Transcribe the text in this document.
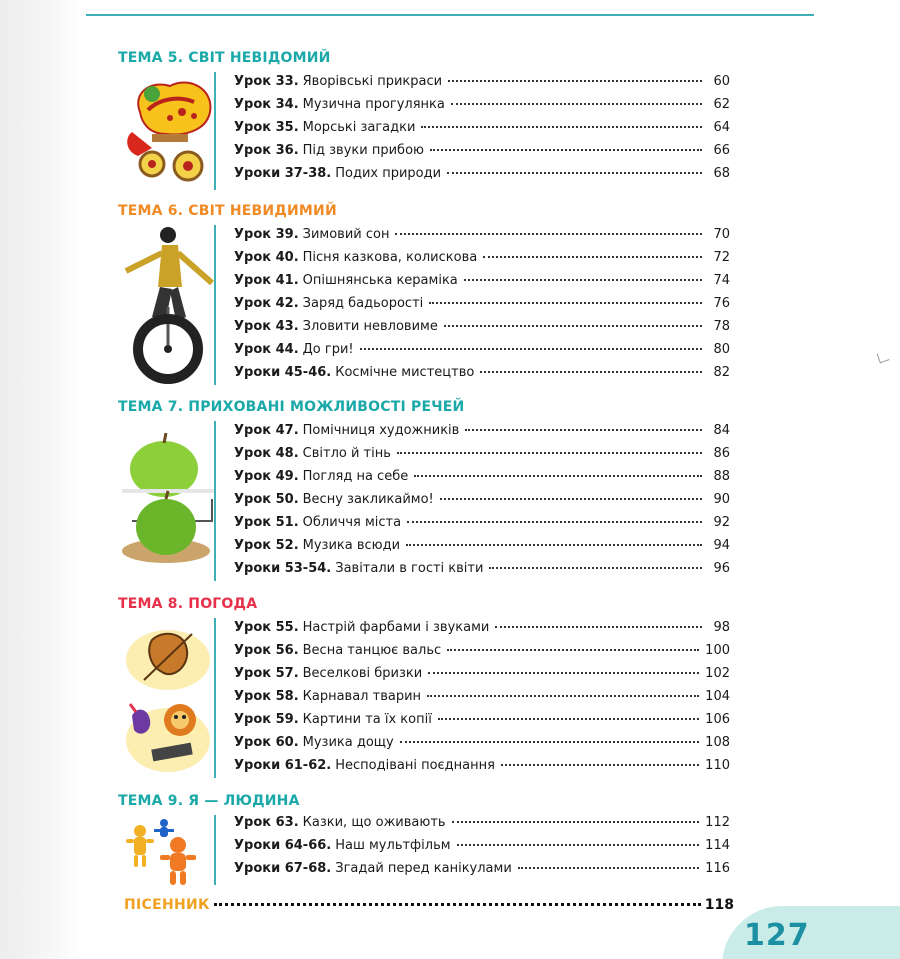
ТЕМА 5. СВІТ НЕВІДОМИЙ
Урок 33. Яворівські прикраси	60
Урок 34. Музична прогулянка	62
Урок 35. Морські загадки	64
Урок 36. Під звуки прибою	66
Уроки 37-38. Подих природи	68
ТЕМА 6. СВІТ НЕВИДИМИЙ
Урок 39. Зимовий сон	70
Урок 40. Пісня казкова, колискова	72
Урок 41. Опішнянська кераміка	74
Урок 42. Заряд бадьорості	76
Урок 43. Зловити невловиме	78
Урок 44. До гри!	80
Уроки 45-46. Космічне мистецтво	82
ТЕМА 7. ПРИХОВАНІ МОЖЛИВОСТІ РЕЧЕЙ
Урок 47. Помічниця художників	84
Урок 48. Світло й тінь	86
Урок 49. Погляд на себе	88
Урок 50. Весну закликаймо!	90
Урок 51. Обличчя міста	92
Урок 52. Музика всюди	94
Уроки 53-54. Завітали в гості квіти	96
ТЕМА 8. ПОГОДА
Урок 55. Настрій фарбами і звуками	98
Урок 56. Весна танцює вальс	100
Урок 57. Веселкові бризки	102
Урок 58. Карнавал тварин	104
Урок 59. Картини та їх копії	106
Урок 60. Музика дощу	108
Уроки 61-62. Несподівані поєднання	110
ТЕМА 9. Я — ЛЮДИНА
Урок 63. Казки, що оживають	112
Уроки 64-66. Наш мультфільм	114
Уроки 67-68. Згадай перед канікулами	116
ПІСЕННИК	118
127
